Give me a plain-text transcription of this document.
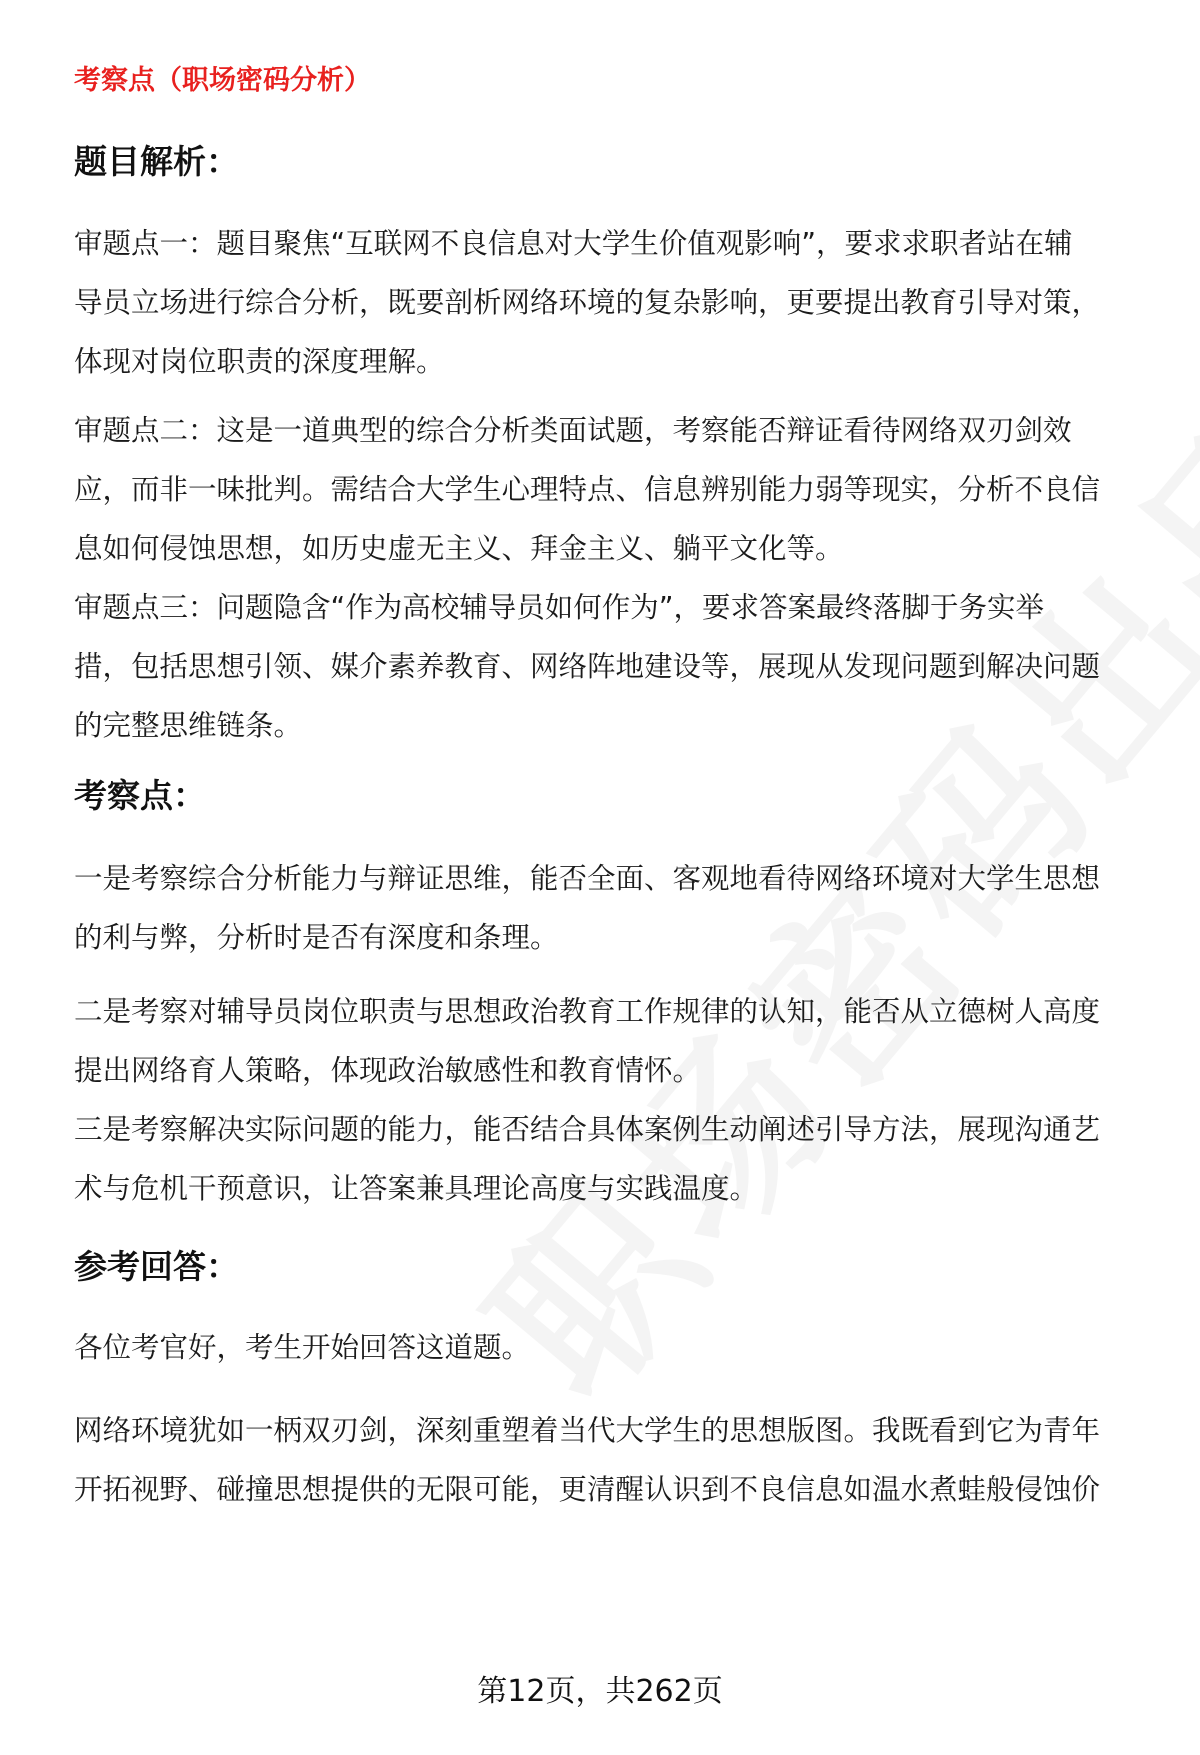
考察点（职场密码分析）
题目解析：
审题点一：题目聚焦“互联网不良信息对大学生价值观影响”，要求求职者站在辅
导员立场进行综合分析，既要剖析网络环境的复杂影响，更要提出教育引导对策，
体现对岗位职责的深度理解。
审题点二：这是一道典型的综合分析类面试题，考察能否辩证看待网络双刃剑效
应，而非一味批判。需结合大学生心理特点、信息辨别能力弱等现实，分析不良信
息如何侵蚀思想，如历史虚无主义、拜金主义、躺平文化等。
审题点三：问题隐含“作为高校辅导员如何作为”，要求答案最终落脚于务实举
措，包括思想引领、媒介素养教育、网络阵地建设等，展现从发现问题到解决问题
的完整思维链条。
考察点：
一是考察综合分析能力与辩证思维，能否全面、客观地看待网络环境对大学生思想
的利与弊，分析时是否有深度和条理。
二是考察对辅导员岗位职责与思想政治教育工作规律的认知，能否从立德树人高度
提出网络育人策略，体现政治敏感性和教育情怀。
三是考察解决实际问题的能力，能否结合具体案例生动阐述引导方法，展现沟通艺
术与危机干预意识，让答案兼具理论高度与实践温度。
参考回答：
各位考官好，考生开始回答这道题。
网络环境犹如一柄双刃剑，深刻重塑着当代大学生的思想版图。我既看到它为青年
开拓视野、碰撞思想提供的无限可能，更清醒认识到不良信息如温水煮蛙般侵蚀价
第12页，共262页
